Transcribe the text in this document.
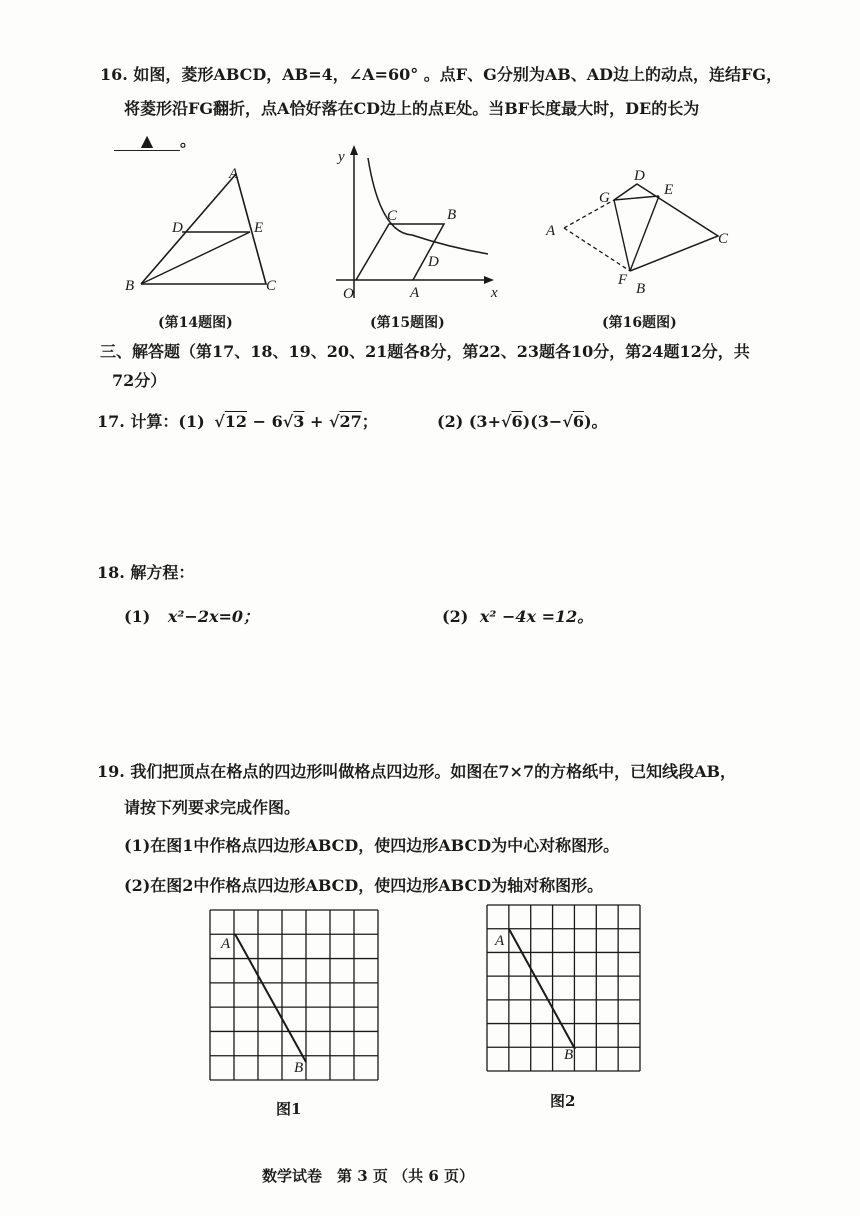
16. 如图，菱形ABCD，AB=4，∠A=60° 。点F、G分别为AB、AD边上的动点，连结FG，
将菱形沿FG翻折，点A恰好落在CD边上的点E处。当BF长度最大时，DE的长为
▲ 。
A
D	E
B	C
(第14题图)
y
C	B
D
O	A	x
(第15题图)
D
G	E
A	C
F
B
(第16题图)
三、解答题（第17、18、19、20、21题各8分，第22、23题各10分，第24题12分，共
72分）
17. 计算：(1) √12 − 6√3 + √27；	(2) (3+√6)(3−√6)。
18. 解方程：
(1) x²−2x=0；	(2) x² −4x =12。
19. 我们把顶点在格点的四边形叫做格点四边形。如图在7×7的方格纸中，已知线段AB，
请按下列要求完成作图。
(1)在图1中作格点四边形ABCD，使四边形ABCD为中心对称图形。
(2)在图2中作格点四边形ABCD，使四边形ABCD为轴对称图形。
A
B
图1
A
B
图2
数学试卷　第 3 页 （共 6 页）
